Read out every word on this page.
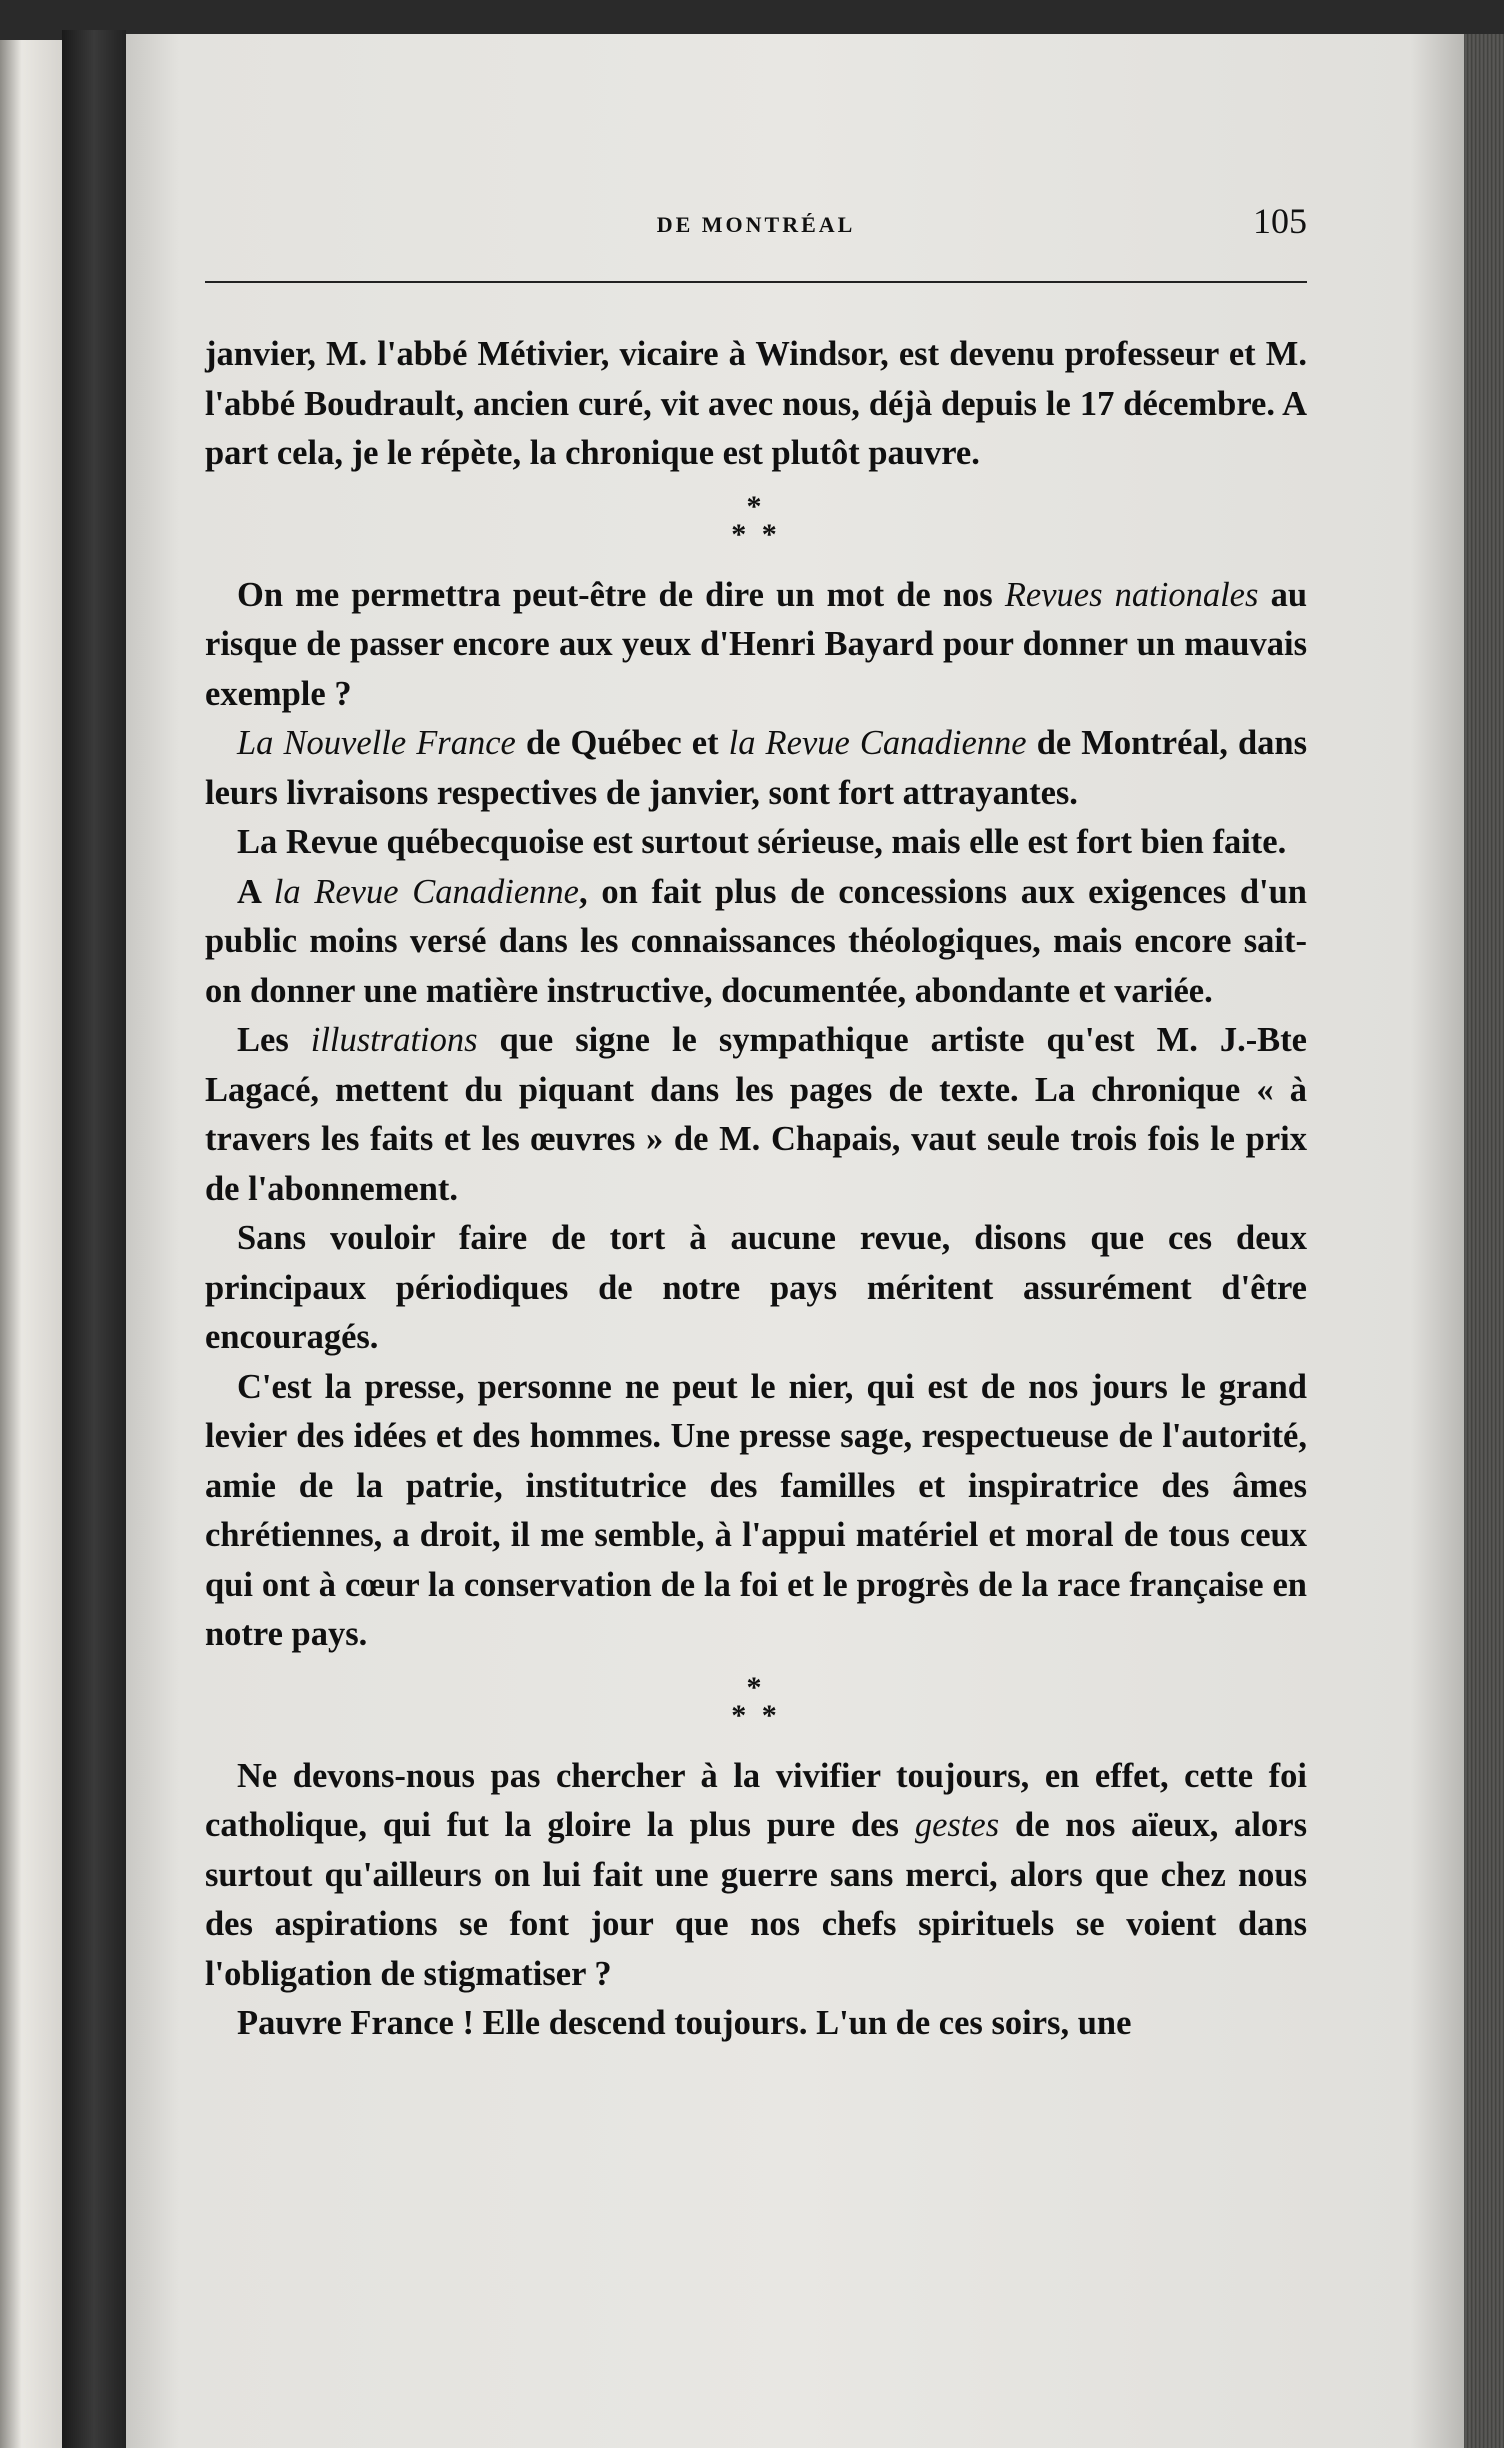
DE MONTRÉAL	105

janvier, M. l'abbé Métivier, vicaire à Windsor, est devenu professeur et M. l'abbé Boudrault, ancien curé, vit avec nous, déjà depuis le 17 décembre. A part cela, je le répète, la chronique est plutôt pauvre.

*
* *

On me permettra peut-être de dire un mot de nos Revues nationales au risque de passer encore aux yeux d'Henri Bayard pour donner un mauvais exemple ?

La Nouvelle France de Québec et la Revue Canadienne de Montréal, dans leurs livraisons respectives de janvier, sont fort attrayantes.

La Revue québecquoise est surtout sérieuse, mais elle est fort bien faite.

A la Revue Canadienne, on fait plus de concessions aux exigences d'un public moins versé dans les connaissances théologiques, mais encore sait-on donner une matière instructive, documentée, abondante et variée.

Les illustrations que signe le sympathique artiste qu'est M. J.-Bte Lagacé, mettent du piquant dans les pages de texte. La chronique « à travers les faits et les œuvres » de M. Chapais, vaut seule trois fois le prix de l'abonnement.

Sans vouloir faire de tort à aucune revue, disons que ces deux principaux périodiques de notre pays méritent assurément d'être encouragés.

C'est la presse, personne ne peut le nier, qui est de nos jours le grand levier des idées et des hommes. Une presse sage, respectueuse de l'autorité, amie de la patrie, institutrice des familles et inspiratrice des âmes chrétiennes, a droit, il me semble, à l'appui matériel et moral de tous ceux qui ont à cœur la conservation de la foi et le progrès de la race française en notre pays.

*
* *

Ne devons-nous pas chercher à la vivifier toujours, en effet, cette foi catholique, qui fut la gloire la plus pure des gestes de nos aïeux, alors surtout qu'ailleurs on lui fait une guerre sans merci, alors que chez nous des aspirations se font jour que nos chefs spirituels se voient dans l'obligation de stigmatiser ?

Pauvre France ! Elle descend toujours. L'un de ces soirs, une
